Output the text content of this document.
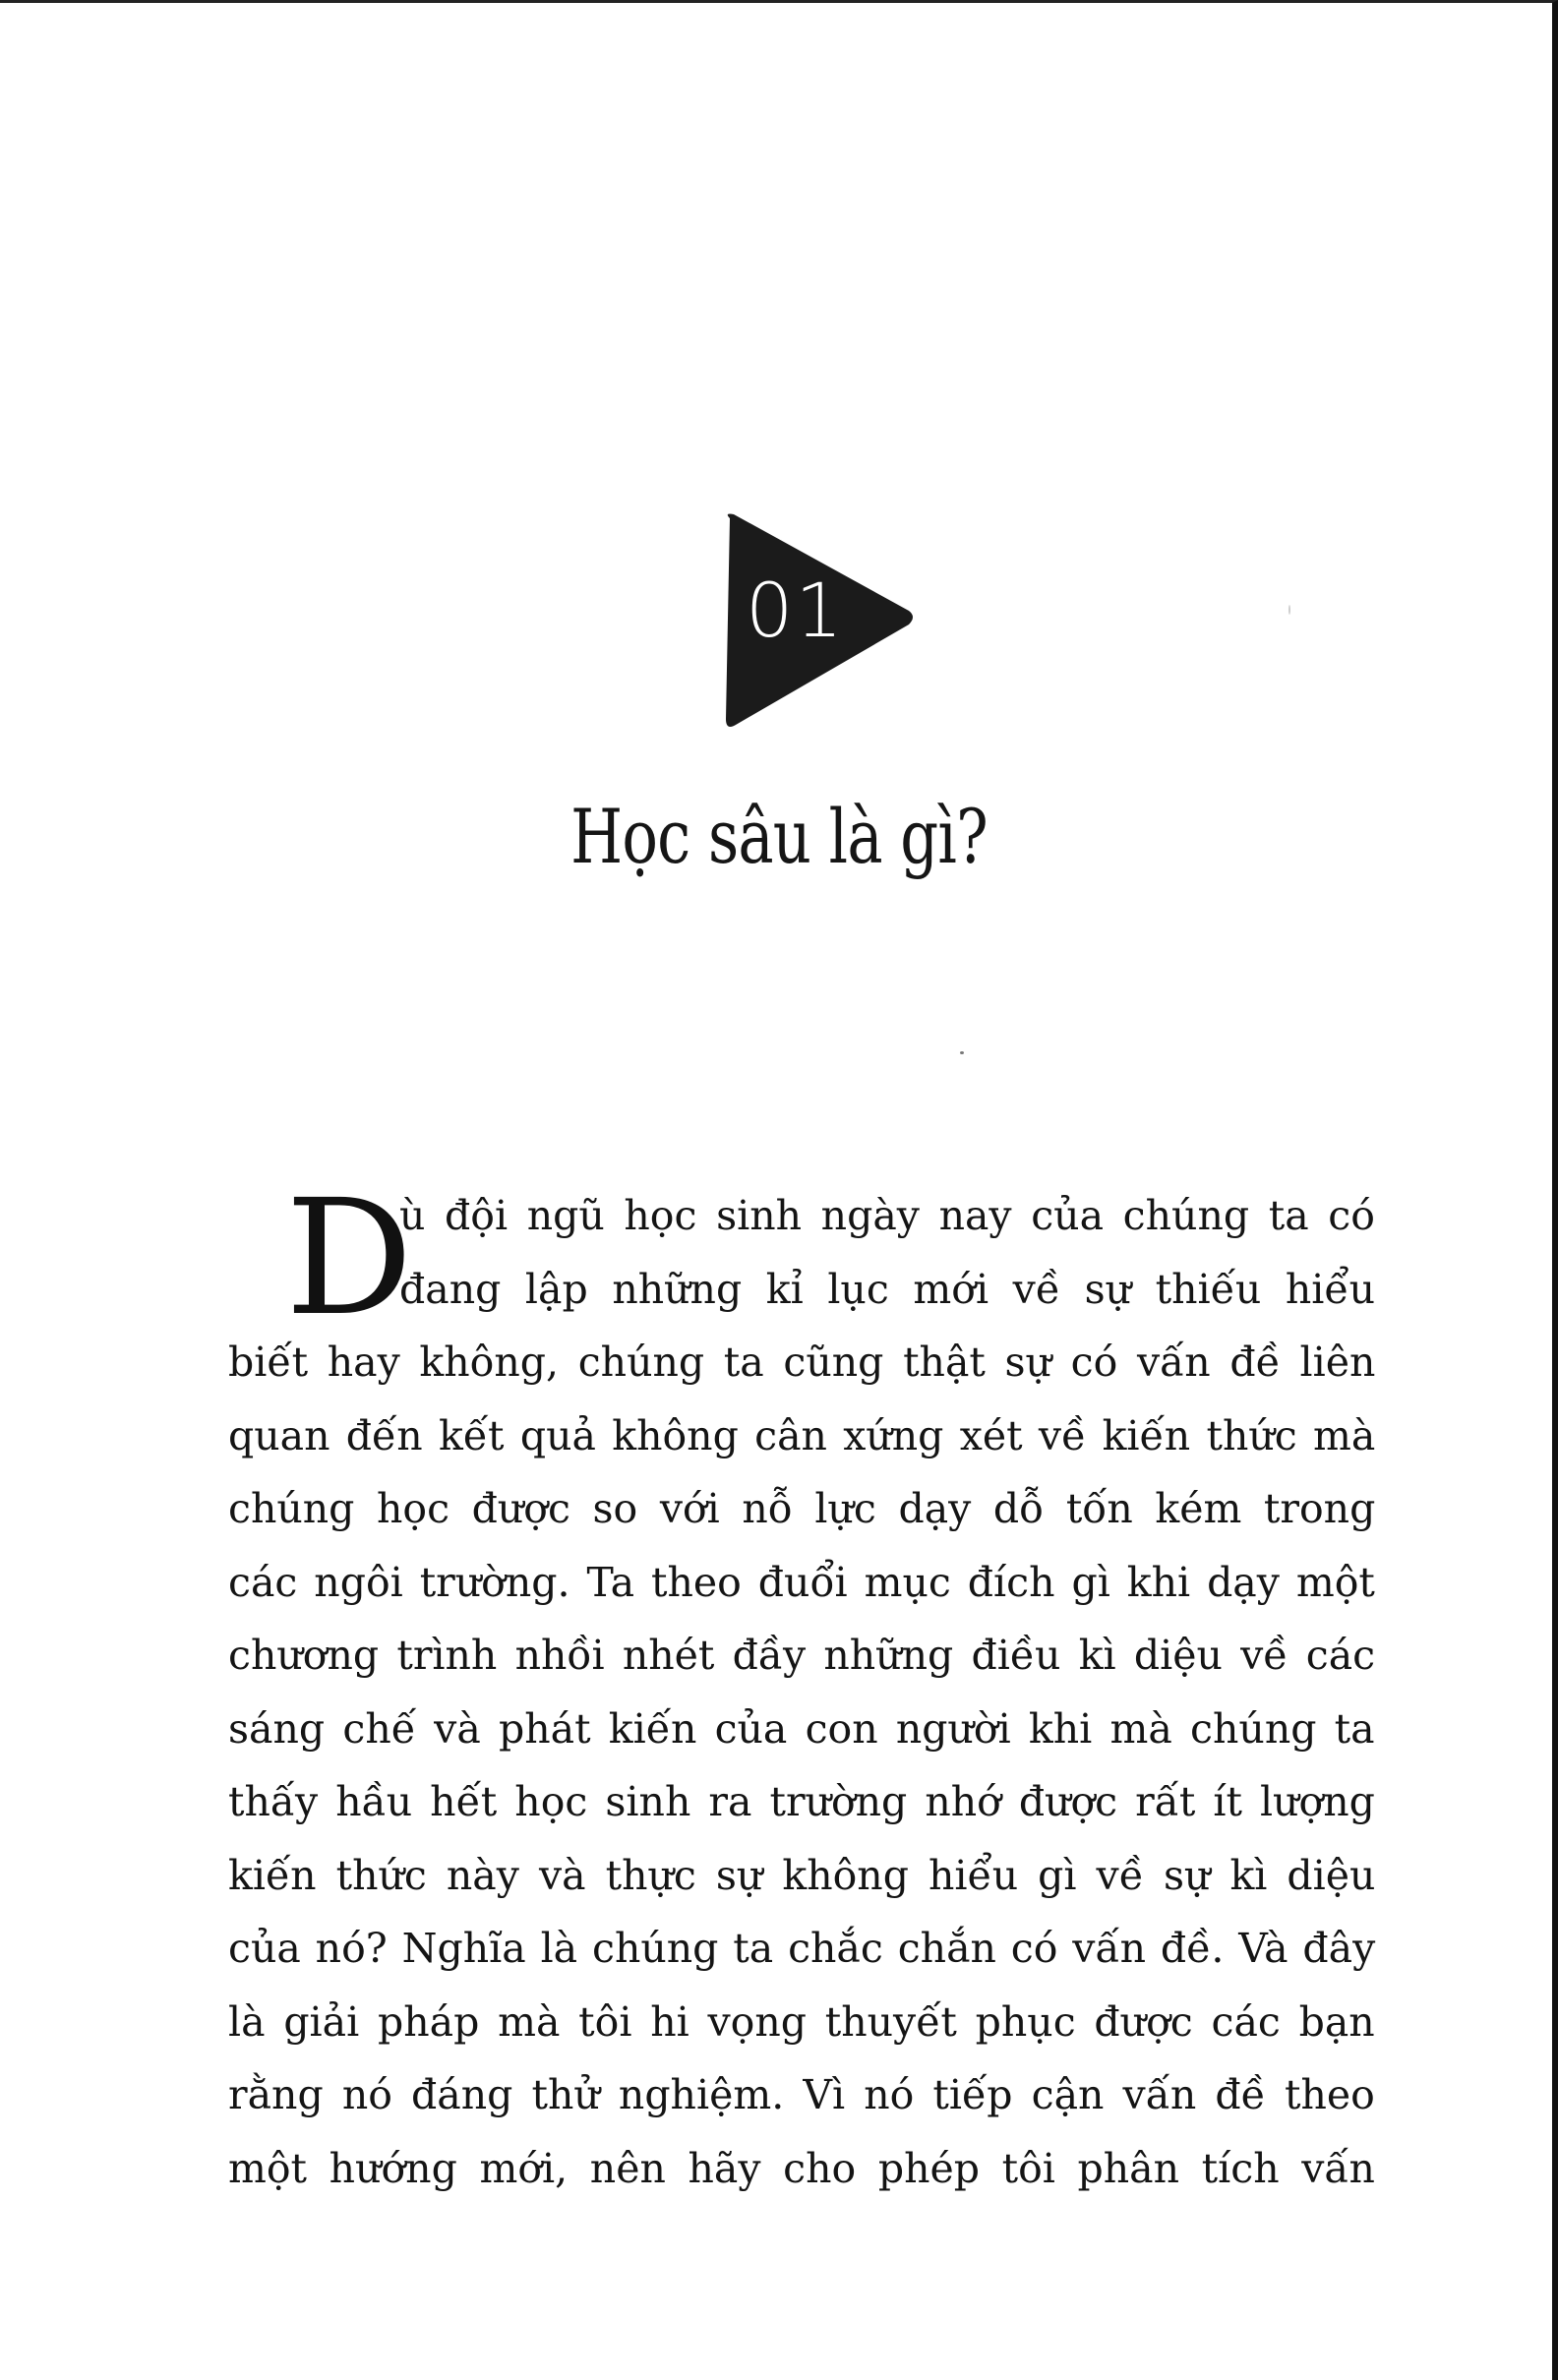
01
Học sâu là gì?
D
ù đội ngũ học sinh ngày nay của chúng ta có
đang lập những kỉ lục mới về sự thiếu hiểu
biết hay không, chúng ta cũng thật sự có vấn đề liên
quan đến kết quả không cân xứng xét về kiến thức mà
chúng học được so với nỗ lực dạy dỗ tốn kém trong
các ngôi trường. Ta theo đuổi mục đích gì khi dạy một
chương trình nhồi nhét đầy những điều kì diệu về các
sáng chế và phát kiến của con người khi mà chúng ta
thấy hầu hết học sinh ra trường nhớ được rất ít lượng
kiến thức này và thực sự không hiểu gì về sự kì diệu
của nó? Nghĩa là chúng ta chắc chắn có vấn đề. Và đây
là giải pháp mà tôi hi vọng thuyết phục được các bạn
rằng nó đáng thử nghiệm. Vì nó tiếp cận vấn đề theo
một hướng mới, nên hãy cho phép tôi phân tích vấn
